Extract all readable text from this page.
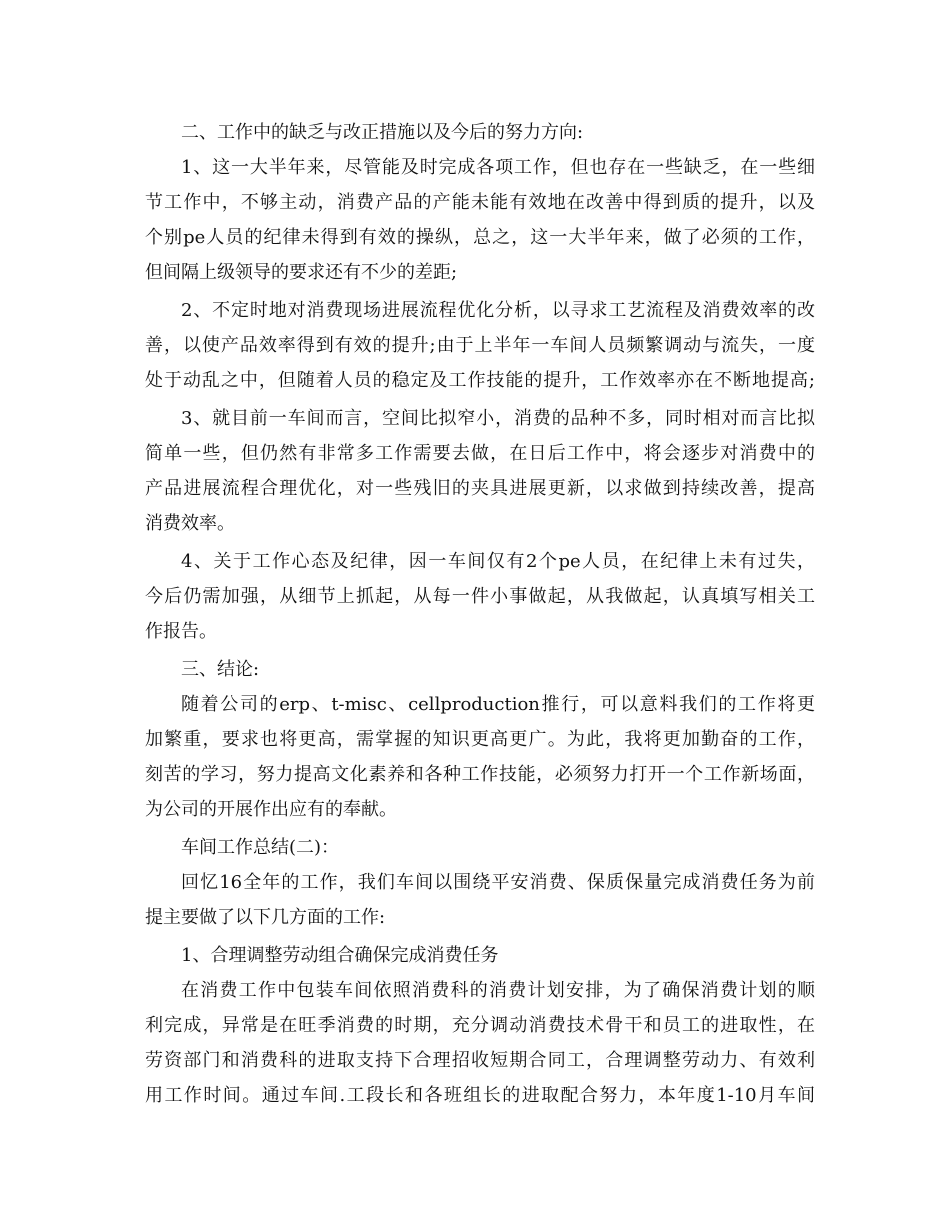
二、工作中的缺乏与改正措施以及今后的努力方向:
1、这一大半年来，尽管能及时完成各项工作，但也存在一些缺乏，在一些细
节工作中，不够主动，消费产品的产能未能有效地在改善中得到质的提升，以及
个别pe人员的纪律未得到有效的操纵，总之，这一大半年来，做了必须的工作，
但间隔上级领导的要求还有不少的差距;
2、不定时地对消费现场进展流程优化分析，以寻求工艺流程及消费效率的改
善，以使产品效率得到有效的提升;由于上半年一车间人员频繁调动与流失，一度
处于动乱之中，但随着人员的稳定及工作技能的提升，工作效率亦在不断地提高;
3、就目前一车间而言，空间比拟窄小，消费的品种不多，同时相对而言比拟
简单一些，但仍然有非常多工作需要去做，在日后工作中，将会逐步对消费中的
产品进展流程合理优化，对一些残旧的夹具进展更新，以求做到持续改善，提高
消费效率。
4、关于工作心态及纪律，因一车间仅有2个pe人员，在纪律上未有过失，
今后仍需加强，从细节上抓起，从每一件小事做起，从我做起，认真填写相关工
作报告。
三、结论:
随着公司的erp、t-misc、cellproduction推行，可以意料我们的工作将更
加繁重，要求也将更高，需掌握的知识更高更广。为此，我将更加勤奋的工作，
刻苦的学习，努力提高文化素养和各种工作技能，必须努力打开一个工作新场面，
为公司的开展作出应有的奉献。
车间工作总结(二)：
回忆16全年的工作，我们车间以围绕平安消费、保质保量完成消费任务为前
提主要做了以下几方面的工作:
1、合理调整劳动组合确保完成消费任务
在消费工作中包装车间依照消费科的消费计划安排，为了确保消费计划的顺
利完成，异常是在旺季消费的时期，充分调动消费技术骨干和员工的进取性，在
劳资部门和消费科的进取支持下合理招收短期合同工，合理调整劳动力、有效利
用工作时间。通过车间.工段长和各班组长的进取配合努力，本年度1-10月车间
